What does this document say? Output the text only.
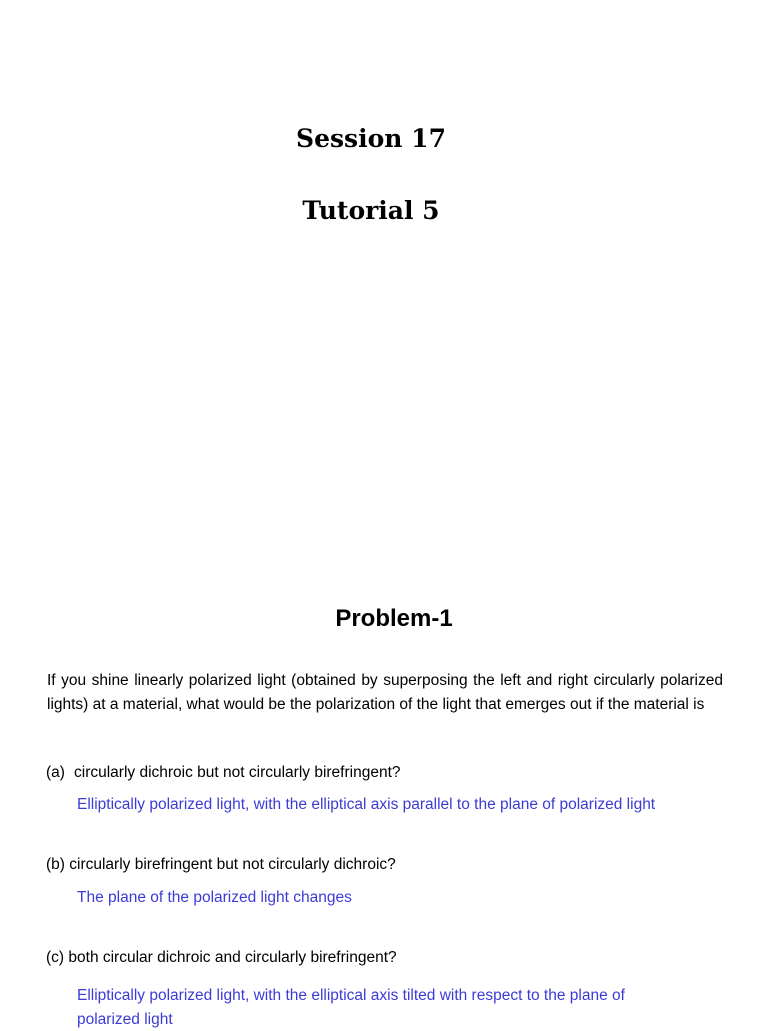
Session 17
Tutorial 5
Problem-1

If you shine linearly polarized light (obtained by superposing the left and right circularly polarized lights) at a material, what would be the polarization of the light that emerges out if the material is

(a) circularly dichroic but not circularly birefringent?

Elliptically polarized light, with the elliptical axis parallel to the plane of polarized light

(b) circularly birefringent but not circularly dichroic?

The plane of the polarized light changes

(c) both circular dichroic and circularly birefringent?

Elliptically polarized light, with the elliptical axis tilted with respect to the plane of polarized light
